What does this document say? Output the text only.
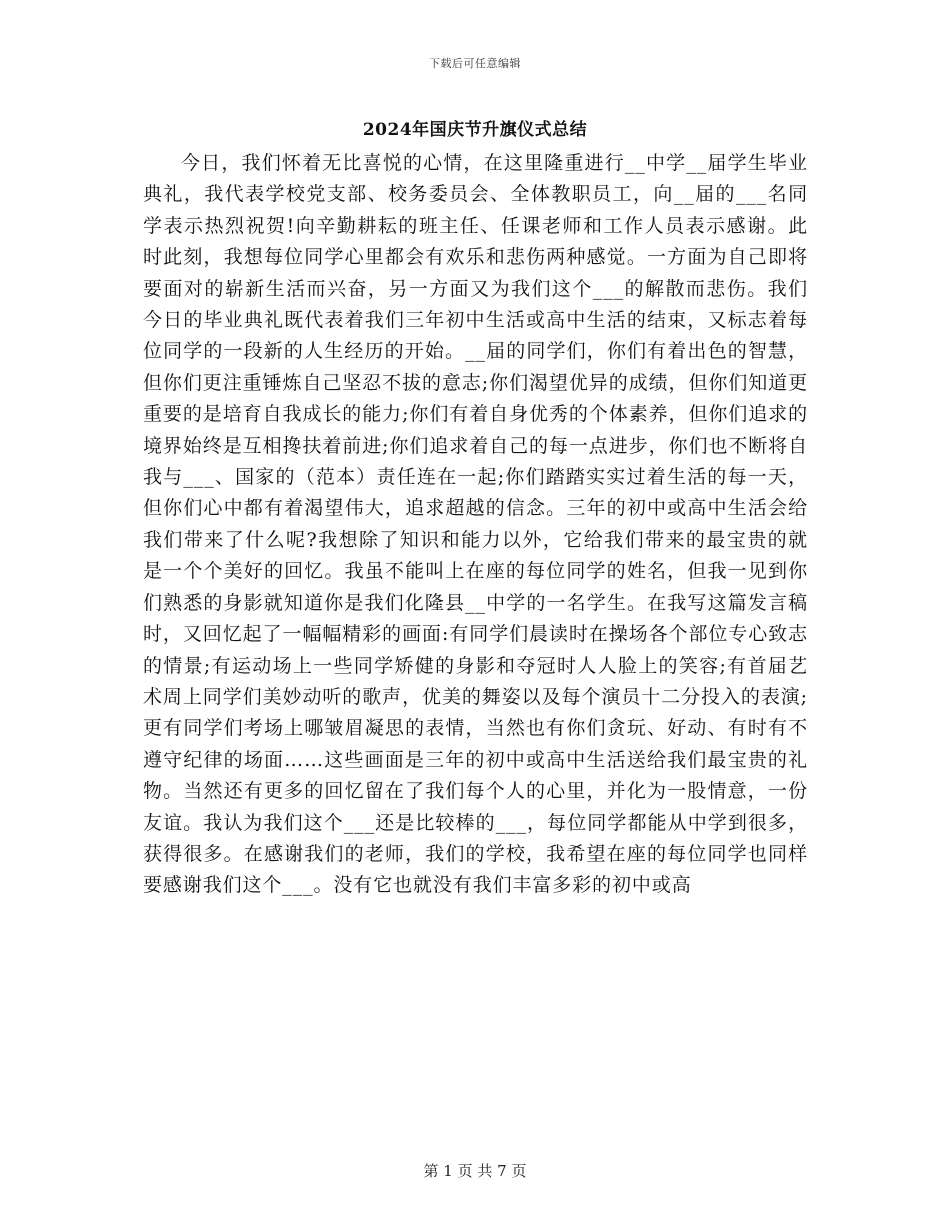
下载后可任意编辑
2024年国庆节升旗仪式总结

今日，我们怀着无比喜悦的心情，在这里隆重进行__中学__届学生毕业典礼，我代表学校党支部、校务委员会、全体教职员工，向__届的___名同学表示热烈祝贺!向辛勤耕耘的班主任、任课老师和工作人员表示感谢。此时此刻，我想每位同学心里都会有欢乐和悲伤两种感觉。一方面为自己即将要面对的崭新生活而兴奋，另一方面又为我们这个___的解散而悲伤。我们今日的毕业典礼既代表着我们三年初中生活或高中生活的结束，又标志着每位同学的一段新的人生经历的开始。__届的同学们，你们有着出色的智慧，但你们更注重锤炼自己坚忍不拔的意志;你们渴望优异的成绩，但你们知道更重要的是培育自我成长的能力;你们有着自身优秀的个体素养，但你们追求的境界始终是互相搀扶着前进;你们追求着自己的每一点进步，你们也不断将自我与___、国家的（范本）责任连在一起;你们踏踏实实过着生活的每一天，但你们心中都有着渴望伟大，追求超越的信念。三年的初中或高中生活会给我们带来了什么呢?我想除了知识和能力以外，它给我们带来的最宝贵的就是一个个美好的回忆。我虽不能叫上在座的每位同学的姓名，但我一见到你们熟悉的身影就知道你是我们化隆县__中学的一名学生。在我写这篇发言稿时，又回忆起了一幅幅精彩的画面:有同学们晨读时在操场各个部位专心致志的情景;有运动场上一些同学矫健的身影和夺冠时人人脸上的笑容;有首届艺术周上同学们美妙动听的歌声，优美的舞姿以及每个演员十二分投入的表演;更有同学们考场上哪皱眉凝思的表情，当然也有你们贪玩、好动、有时有不遵守纪律的场面……这些画面是三年的初中或高中生活送给我们最宝贵的礼物。当然还有更多的回忆留在了我们每个人的心里，并化为一股情意，一份友谊。我认为我们这个___还是比较棒的___，每位同学都能从中学到很多，获得很多。在感谢我们的老师，我们的学校，我希望在座的每位同学也同样要感谢我们这个___。没有它也就没有我们丰富多彩的初中或高

第 1 页 共 7 页
